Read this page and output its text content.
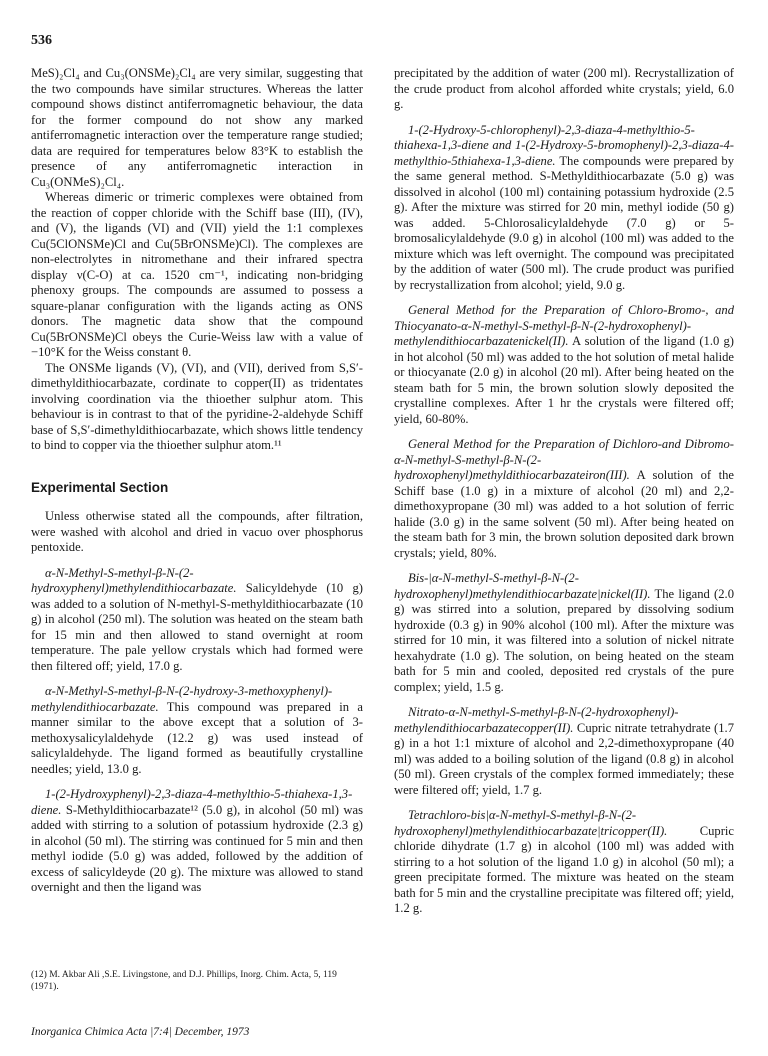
536

MeS)₂Cl₄ and Cu₃(ONSMe)₂Cl₄ are very similar, suggesting that the two compounds have similar structures. Whereas the latter compound shows distinct antiferromagnetic behaviour, the data for the former compound do not show any marked antiferromagnetic interaction over the temperature range studied; data are required for temperatures below 83°K to establish the presence of any antiferromagnetic interaction in Cu₃(ONMeS)₂Cl₄.

Whereas dimeric or trimeric complexes were obtained from the reaction of copper chloride with the Schiff base (III), (IV), and (V), the ligands (VI) and (VII) yield the 1:1 complexes Cu(5ClONSMe)Cl and Cu(5BrONSMe)Cl). The complexes are non-electrolytes in nitromethane and their infrared spectra display ν(C-O) at ca. 1520 cm⁻¹, indicating non-bridging phenoxy groups. The compounds are assumed to possess a square-planar configuration with the ligands acting as ONS donors. The magnetic data show that the compound Cu(5BrONSMe)Cl obeys the Curie-Weiss law with a value of −10°K for the Weiss constant θ.

The ONSMe ligands (V), (VI), and (VII), derived from S,S′-dimethyldithiocarbazate, cordinate to copper(II) as tridentates involving coordination via the thioether sulphur atom. This behaviour is in contrast to that of the pyridine-2-aldehyde Schiff base of S,S′-dimethyldithiocarbazate, which shows little tendency to bind to copper via the thioether sulphur atom.¹¹

Experimental Section

Unless otherwise stated all the compounds, after filtration, were washed with alcohol and dried in vacuo over phosphorus pentoxide.

α-N-Methyl-S-methyl-β-N-(2-hydroxyphenyl)methylendithiocarbazate. Salicyldehyde (10 g) was added to a solution of N-methyl-S-methyldithiocarbazate (10 g) in alcohol (250 ml). The solution was heated on the steam bath for 15 min and then allowed to stand overnight at room temperature. The pale yellow crystals which had formed were then filtered off; yield, 17.0 g.

α-N-Methyl-S-methyl-β-N-(2-hydroxy-3-methoxyphenyl)-methylendithiocarbazate. This compound was prepared in a manner similar to the above except that a solution of 3-methoxysalicylaldehyde (12.2 g) was used instead of salicylaldehyde. The ligand formed as beautifully crystalline needles; yield, 13.0 g.

1-(2-Hydroxyphenyl)-2,3-diaza-4-methylthio-5-thiahexa-1,3-diene. S-Methyldithiocarbazate¹² (5.0 g), in alcohol (50 ml) was added with stirring to a solution of potassium hydroxide (2.3 g) in alcohol (50 ml). The stirring was continued for 5 min and then methyl iodide (5.0 g) was added, followed by the addition of excess of salicyldeyde (20 g). The mixture was allowed to stand overnight and then the ligand was

(12) M. Akbar Ali ,S.E. Livingstone, and D.J. Phillips, Inorg. Chim. Acta, 5, 119 (1971).

precipitated by the addition of water (200 ml). Recrystallization of the crude product from alcohol afforded white crystals; yield, 6.0 g.

1-(2-Hydroxy-5-chlorophenyl)-2,3-diaza-4-methylthio-5-thiahexa-1,3-diene and 1-(2-Hydroxy-5-bromophenyl)-2,3-diaza-4-methylthio-5thiahexa-1,3-diene. The compounds were prepared by the same general method. S-Methyldithiocarbazate (5.0 g) was dissolved in alcohol (100 ml) containing potassium hydroxide (2.5 g). After the mixture was stirred for 20 min, methyl iodide (50 g) was added. 5-Chlorosalicylaldehyde (7.0 g) or 5-bromosalicylaldehyde (9.0 g) in alcohol (100 ml) was added to the mixture which was left overnight. The compound was precipitated by the addition of water (500 ml). The crude product was purified by recrystallization from alcohol; yield, 9.0 g.

General Method for the Preparation of Chloro-Bromo-, and Thiocyanato-α-N-methyl-S-methyl-β-N-(2-hydroxophenyl)-methylendithiocarbazatenickel(II). A solution of the ligand (1.0 g) in hot alcohol (50 ml) was added to the hot solution of metal halide or thiocyanate (2.0 g) in alcohol (20 ml). After being heated on the steam bath for 5 min, the brown solution slowly deposited the crystalline complexes. After 1 hr the crystals were filtered off; yield, 60-80%.

General Method for the Preparation of Dichloro-and Dibromo-α-N-methyl-S-methyl-β-N-(2-hydroxophenyl)methyldithiocarbazateiron(III). A solution of the Schiff base (1.0 g) in a mixture of alcohol (20 ml) and 2,2-dimethoxypropane (30 ml) was added to a hot solution of ferric halide (3.0 g) in the same solvent (50 ml). After being heated on the steam bath for 3 min, the brown solution deposited dark brown crystals; yield, 80%.

Bis-|α-N-methyl-S-methyl-β-N-(2-hydroxophenyl)methylendithiocarbazate|nickel(II). The ligand (2.0 g) was stirred into a solution, prepared by dissolving sodium hydroxide (0.3 g) in 90% alcohol (100 ml). After the mixture was stirred for 10 min, it was filtered into a solution of nickel nitrate hexahydrate (1.0 g). The solution, on being heated on the steam bath for 5 min and cooled, deposited red crystals of the pure complex; yield, 1.5 g.

Nitrato-α-N-methyl-S-methyl-β-N-(2-hydroxophenyl)-methylendithiocarbazatecopper(II). Cupric nitrate tetrahydrate (1.7 g) in a hot 1:1 mixture of alcohol and 2,2-dimethoxypropane (40 ml) was added to a boiling solution of the ligand (0.8 g) in alcohol (50 ml). Green crystals of the complex formed immediately; these were filtered off; yield, 1.7 g.

Tetrachloro-bis|α-N-methyl-S-methyl-β-N-(2-hydroxophenyl)methylendithiocarbazate|tricopper(II). Cupric chloride dihydrate (1.7 g) in alcohol (100 ml) was added with stirring to a hot solution of the ligand 1.0 g) in alcohol (50 ml); a green precipitate formed. The mixture was heated on the steam bath for 5 min and the crystalline precipitate was filtered off; yield, 1.2 g.

Inorganica Chimica Acta |7:4| December, 1973
